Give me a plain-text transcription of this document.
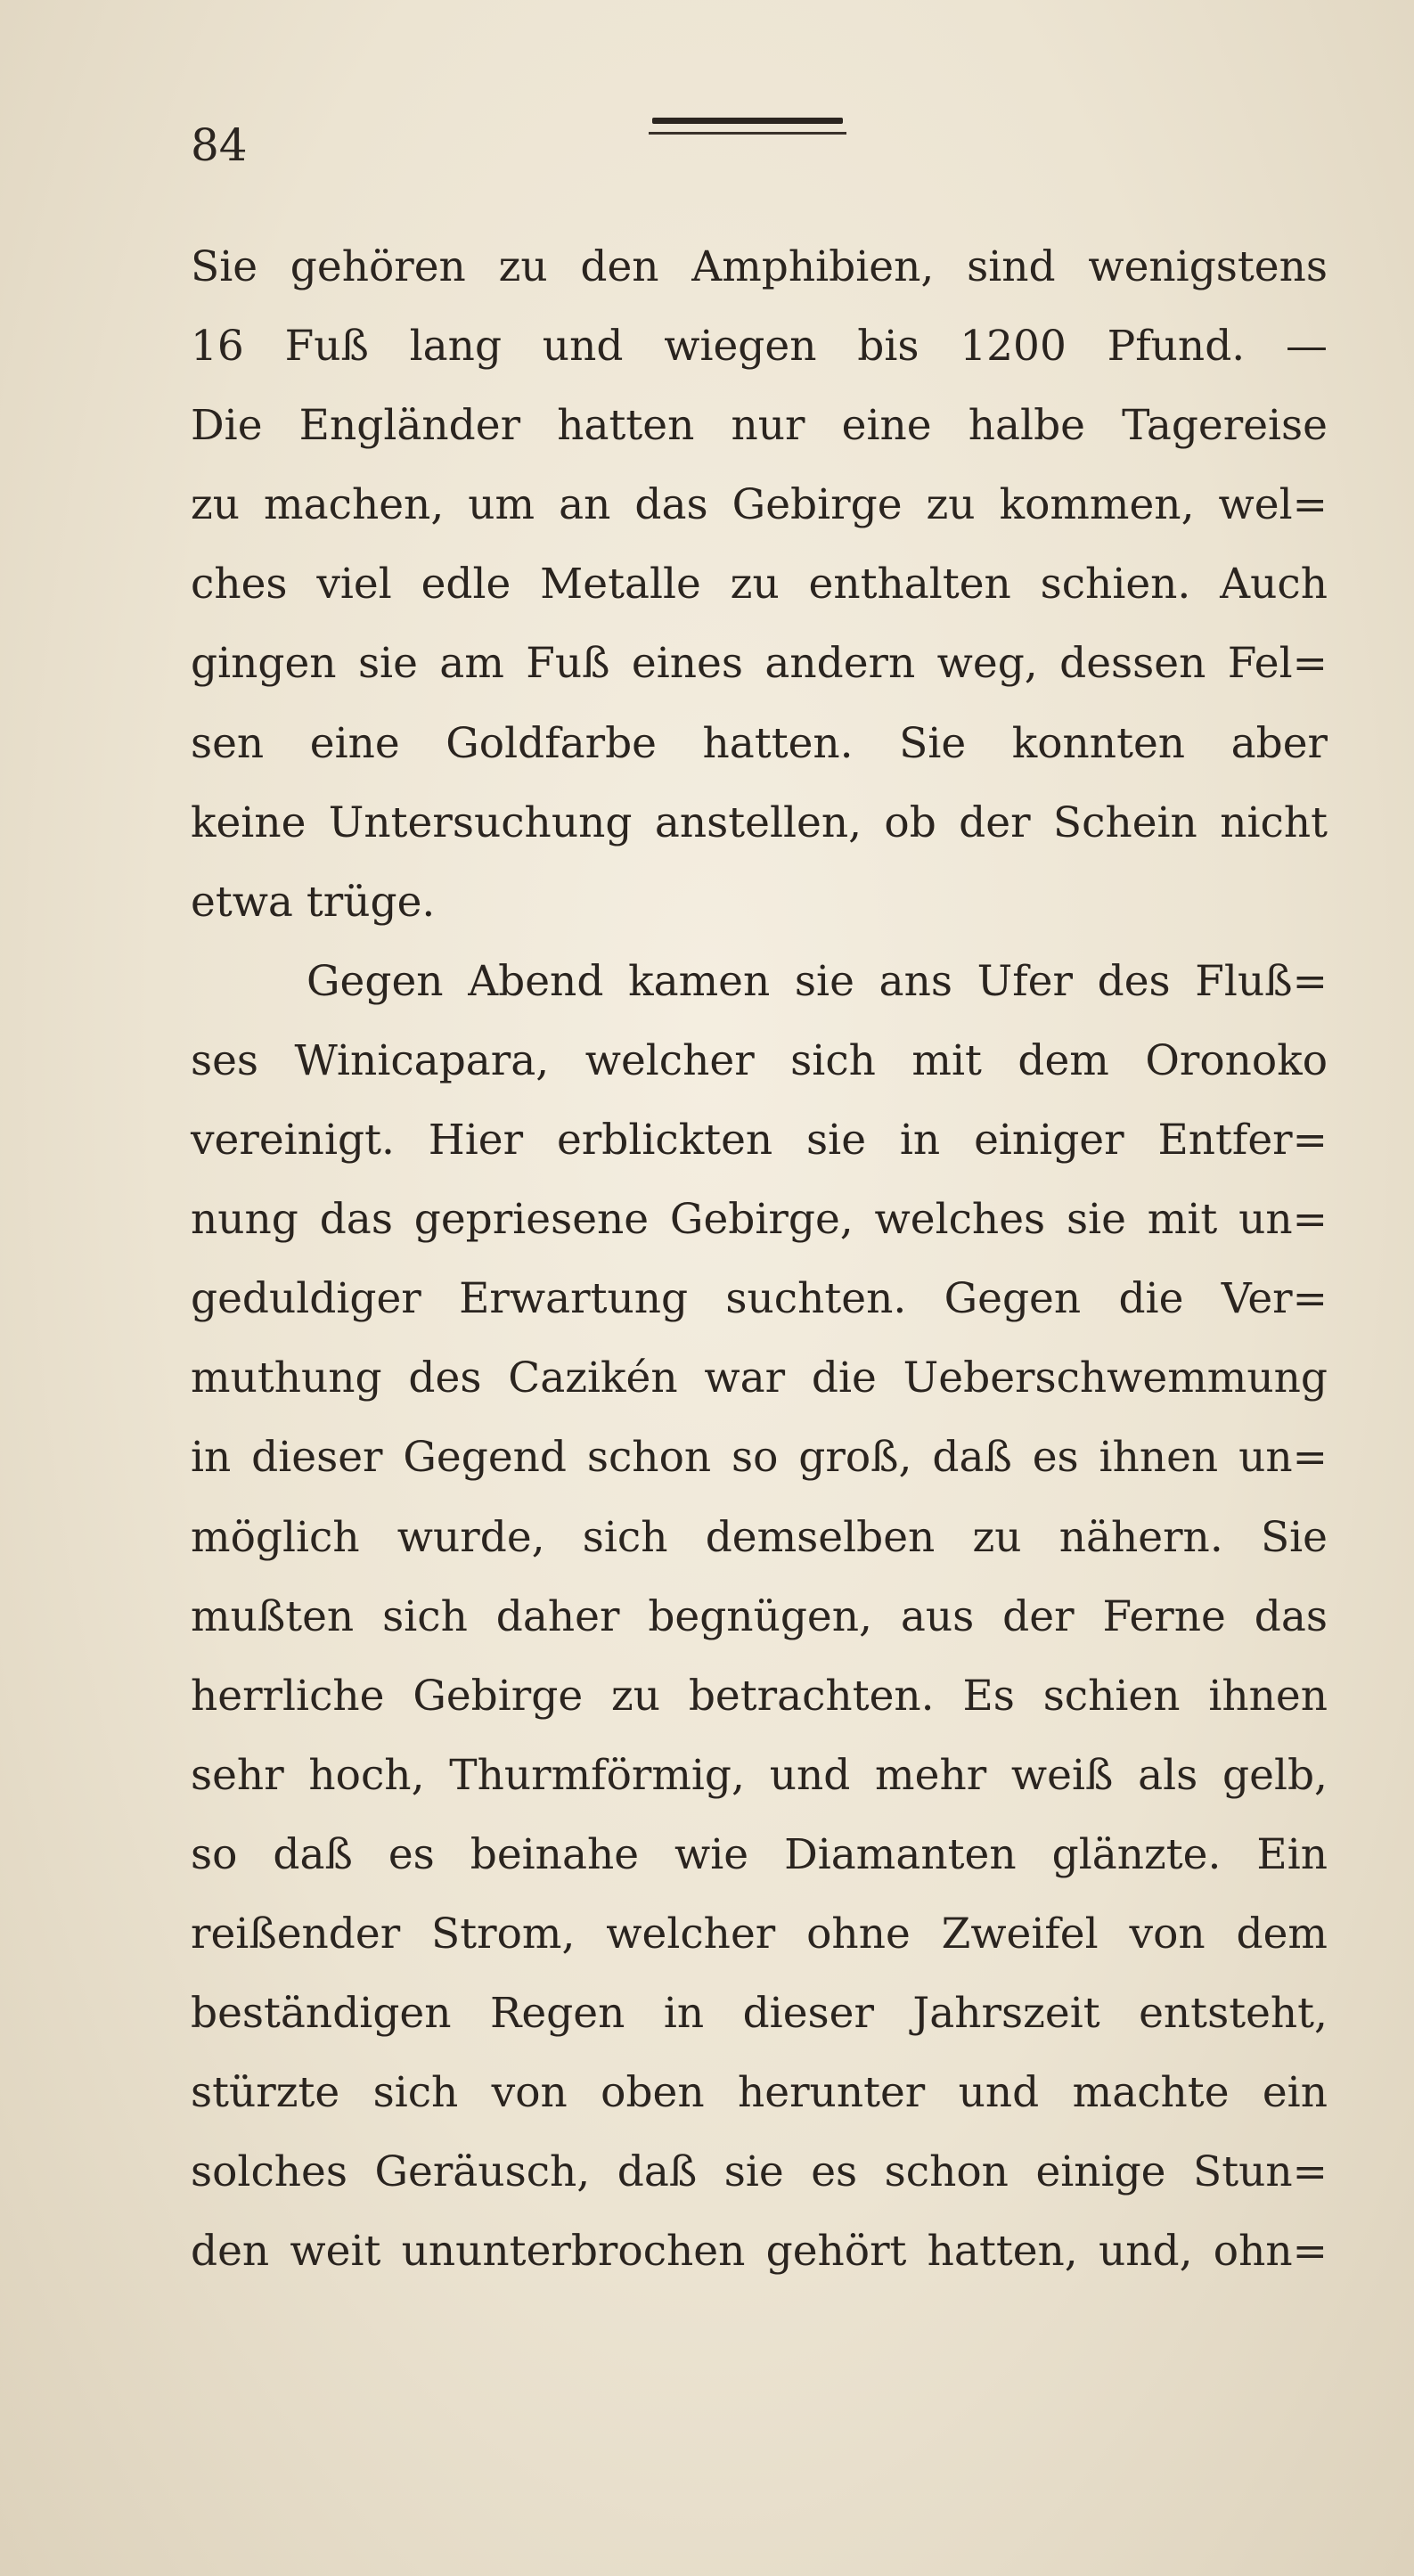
84
Sie gehören zu den Amphibien, sind wenigstens
16 Fuß lang und wiegen bis 1200 Pfund. —
Die Engländer hatten nur eine halbe Tagereise
zu machen, um an das Gebirge zu kommen, wel=
ches viel edle Metalle zu enthalten schien. Auch
gingen sie am Fuß eines andern weg, dessen Fel=
sen eine Goldfarbe hatten. Sie konnten aber
keine Untersuchung anstellen, ob der Schein nicht
etwa trüge.
Gegen Abend kamen sie ans Ufer des Fluß=
ses Winicapara, welcher sich mit dem Oronoko
vereinigt. Hier erblickten sie in einiger Entfer=
nung das gepriesene Gebirge, welches sie mit un=
geduldiger Erwartung suchten. Gegen die Ver=
muthung des Cazikén war die Ueberschwemmung
in dieser Gegend schon so groß, daß es ihnen un=
möglich wurde, sich demselben zu nähern. Sie
mußten sich daher begnügen, aus der Ferne das
herrliche Gebirge zu betrachten. Es schien ihnen
sehr hoch, Thurmförmig, und mehr weiß als gelb,
so daß es beinahe wie Diamanten glänzte. Ein
reißender Strom, welcher ohne Zweifel von dem
beständigen Regen in dieser Jahrszeit entsteht,
stürzte sich von oben herunter und machte ein
solches Geräusch, daß sie es schon einige Stun=
den weit ununterbrochen gehört hatten, und, ohn=
